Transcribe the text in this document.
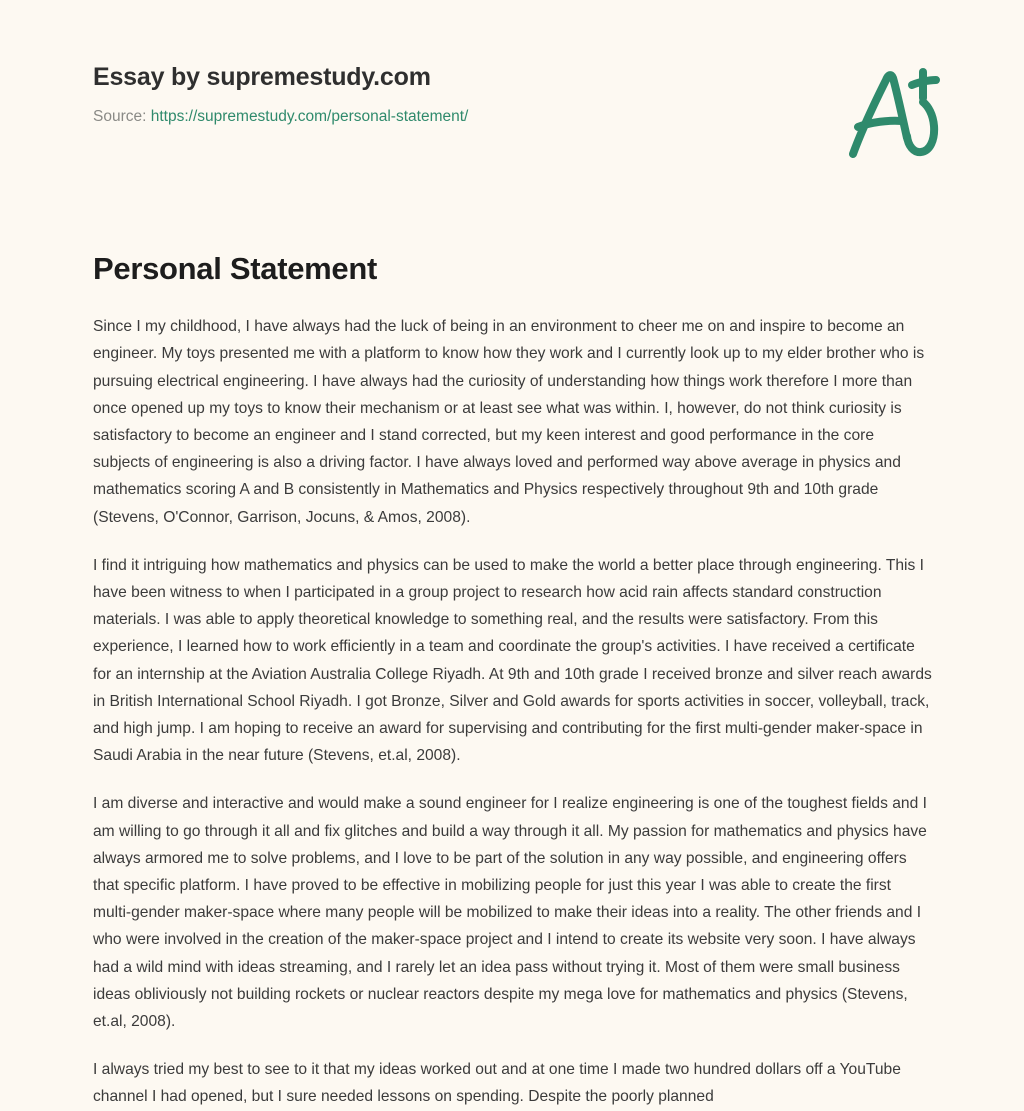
Essay by supremestudy.com
Source: https://supremestudy.com/personal-statement/
Personal Statement

Since I my childhood, I have always had the luck of being in an environment to cheer me on and inspire to become an engineer. My toys presented me with a platform to know how they work and I currently look up to my elder brother who is pursuing electrical engineering. I have always had the curiosity of understanding how things work therefore I more than once opened up my toys to know their mechanism or at least see what was within. I, however, do not think curiosity is satisfactory to become an engineer and I stand corrected, but my keen interest and good performance in the core subjects of engineering is also a driving factor. I have always loved and performed way above average in physics and mathematics scoring A and B consistently in Mathematics and Physics respectively throughout 9th and 10th grade (Stevens, O'Connor, Garrison, Jocuns, & Amos, 2008).

I find it intriguing how mathematics and physics can be used to make the world a better place through engineering. This I have been witness to when I participated in a group project to research how acid rain affects standard construction materials. I was able to apply theoretical knowledge to something real, and the results were satisfactory. From this experience, I learned how to work efficiently in a team and coordinate the group's activities. I have received a certificate for an internship at the Aviation Australia College Riyadh. At 9th and 10th grade I received bronze and silver reach awards in British International School Riyadh. I got Bronze, Silver and Gold awards for sports activities in soccer, volleyball, track, and high jump. I am hoping to receive an award for supervising and contributing for the first multi-gender maker-space in Saudi Arabia in the near future (Stevens, et.al, 2008).

I am diverse and interactive and would make a sound engineer for I realize engineering is one of the toughest fields and I am willing to go through it all and fix glitches and build a way through it all. My passion for mathematics and physics have always armored me to solve problems, and I love to be part of the solution in any way possible, and engineering offers that specific platform. I have proved to be effective in mobilizing people for just this year I was able to create the first multi-gender maker-space where many people will be mobilized to make their ideas into a reality. The other friends and I who were involved in the creation of the maker-space project and I intend to create its website very soon. I have always had a wild mind with ideas streaming, and I rarely let an idea pass without trying it. Most of them were small business ideas obliviously not building rockets or nuclear reactors despite my mega love for mathematics and physics (Stevens, et.al, 2008).

I always tried my best to see to it that my ideas worked out and at one time I made two hundred dollars off a YouTube channel I had opened, but I sure needed lessons on spending. Despite the poorly planned
